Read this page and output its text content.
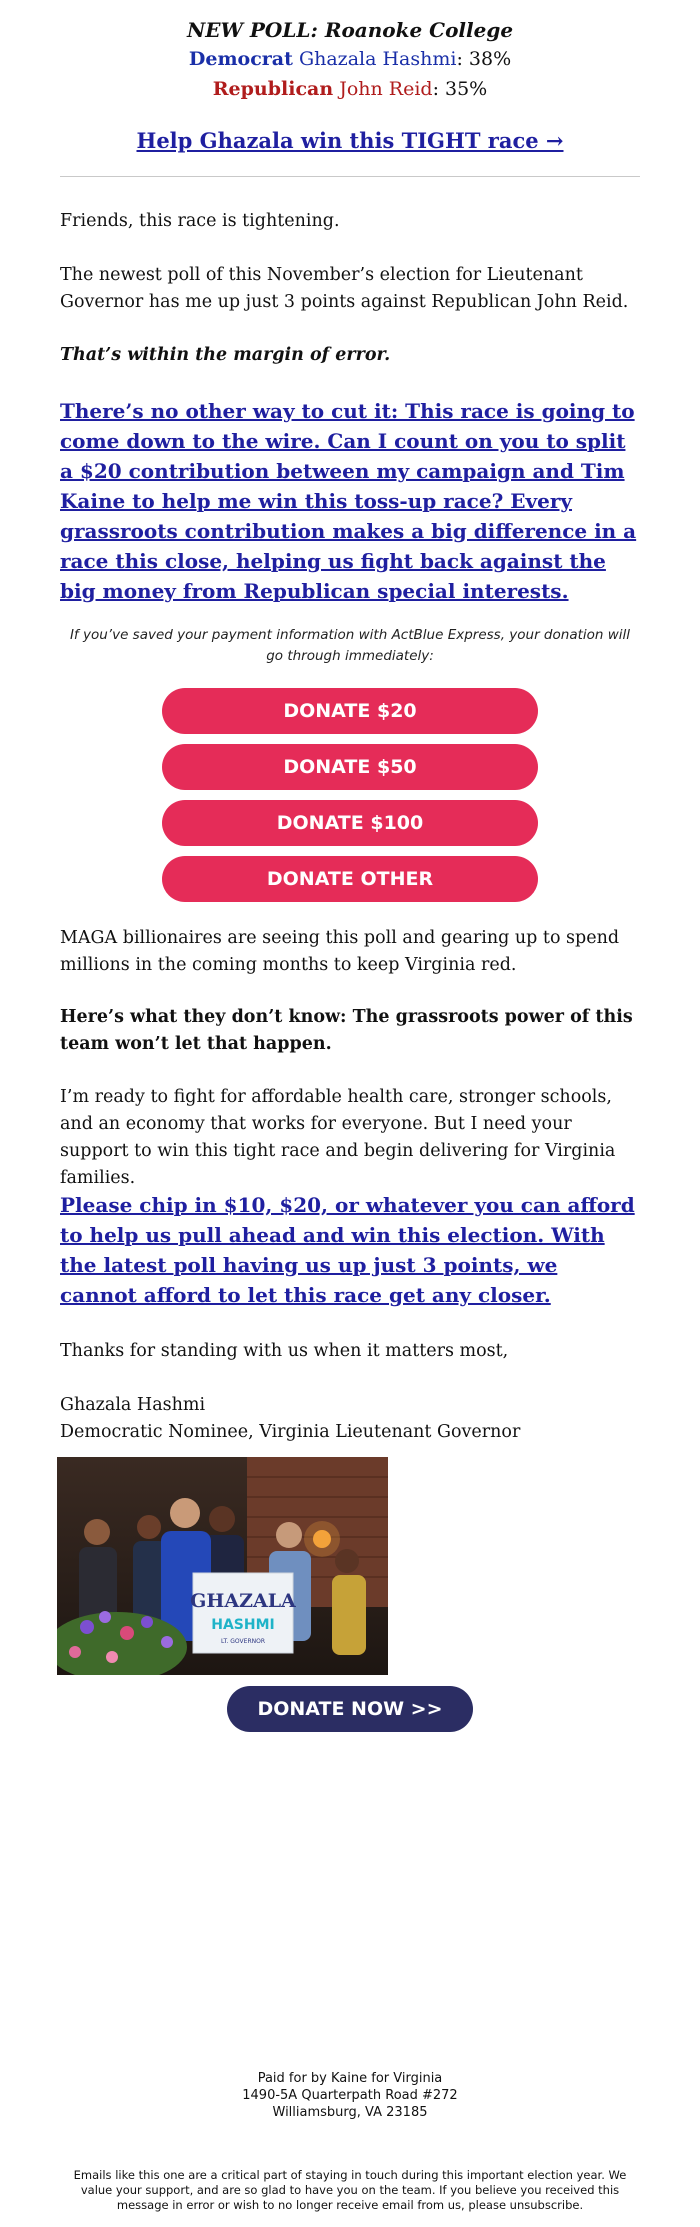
NEW POLL: Roanoke College
Democrat Ghazala Hashmi: 38%
Republican John Reid: 35%
Help Ghazala win this TIGHT race →

Friends, this race is tightening.

The newest poll of this November’s election for Lieutenant Governor has me up just 3 points against Republican John Reid.

That’s within the margin of error.

There’s no other way to cut it: This race is going to come down to the wire. Can I count on you to split a $20 contribution between my campaign and Tim Kaine to help me win this toss-up race? Every grassroots contribution makes a big difference in a race this close, helping us fight back against the big money from Republican special interests.
If you’ve saved your payment information with ActBlue Express, your donation will go through immediately:
DONATE $20
DONATE $50
DONATE $100
DONATE OTHER

MAGA billionaires are seeing this poll and gearing up to spend millions in the coming months to keep Virginia red.

Here’s what they don’t know: The grassroots power of this team won’t let that happen.

I’m ready to fight for affordable health care, stronger schools, and an economy that works for everyone. But I need your support to win this tight race and begin delivering for Virginia families.

Please chip in $10, $20, or whatever you can afford to help us pull ahead and win this election. With the latest poll having us up just 3 points, we cannot afford to let this race get any closer.

Thanks for standing with us when it matters most,

Ghazala Hashmi

Democratic Nominee, Virginia Lieutenant Governor

GHAZALA
HASHMI
LT. GOVERNOR
DONATE NOW >>
Paid for by Kaine for Virginia
1490-5A Quarterpath Road #272
Williamsburg, VA 23185
Emails like this one are a critical part of staying in touch during this important election year. We value your support, and are so glad to have you on the team. If you believe you received this message in error or wish to no longer receive email from us, please unsubscribe.
